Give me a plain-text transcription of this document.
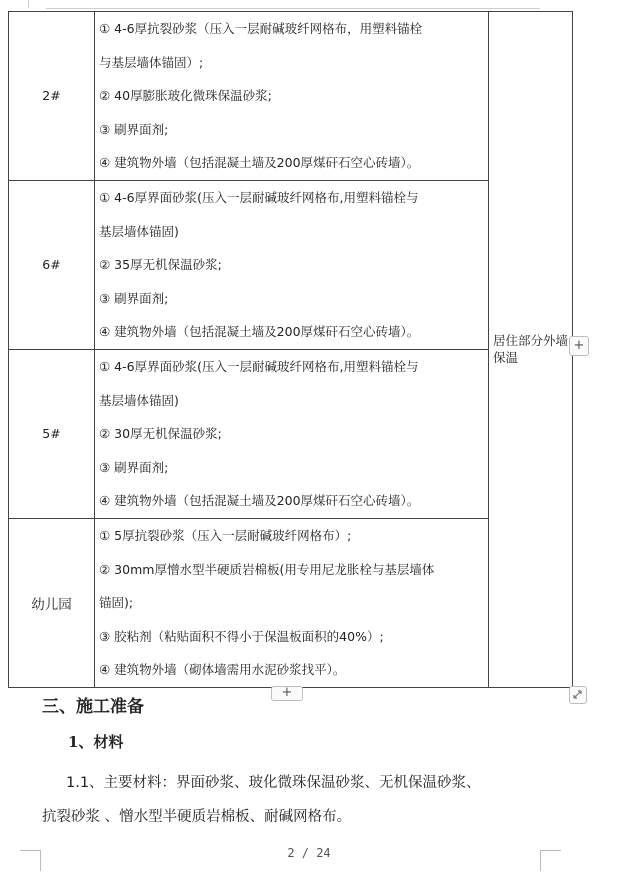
2#	① 4-6厚抗裂砂浆（压入一层耐碱玻纤网格布，用塑料锚栓
与基层墙体锚固）;
② 40厚膨胀玻化微珠保温砂浆;
③ 刷界面剂;
④ 建筑物外墙（包括混凝土墙及200厚煤矸石空心砖墙）。	居住部分外墙保温
6#	① 4-6厚界面砂浆(压入一层耐碱玻纤网格布,用塑料锚栓与
基层墙体锚固)
② 35厚无机保温砂浆;
③ 刷界面剂;
④ 建筑物外墙（包括混凝土墙及200厚煤矸石空心砖墙）。	

5#	① 4-6厚界面砂浆(压入一层耐碱玻纤网格布,用塑料锚栓与
基层墙体锚固)
② 30厚无机保温砂浆;
③ 刷界面剂;
④ 建筑物外墙（包括混凝土墙及200厚煤矸石空心砖墙）。	

幼儿园	① 5厚抗裂砂浆（压入一层耐碱玻纤网格布）;
② 30mm厚憎水型半硬质岩棉板(用专用尼龙胀栓与基层墙体
锚固);
③ 胶粘剂（粘贴面积不得小于保温板面积的40%）;
④ 建筑物外墙（砌体墙需用水泥砂浆找平）。	
+
+
三、施工准备
1、材料
1.1、主要材料：界面砂浆、玻化微珠保温砂浆、无机保温砂浆、
抗裂砂浆 、憎水型半硬质岩棉板、耐碱网格布。
2 / 24
